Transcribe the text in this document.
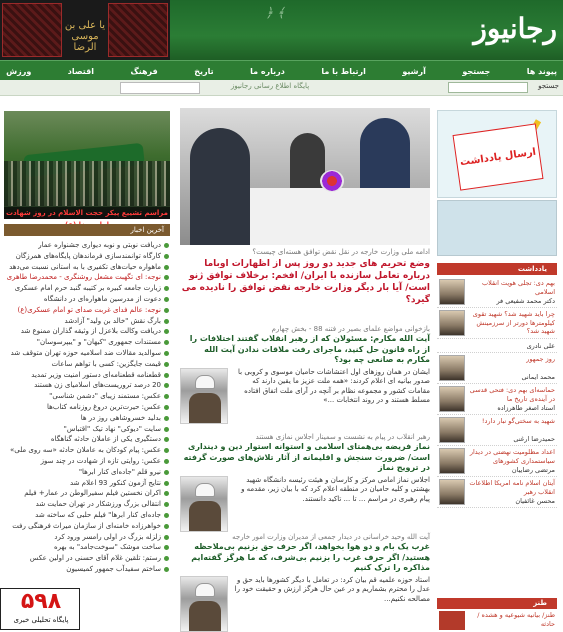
یا علی بن موسی الرضا
﴾ ﴿	رجانیوز
ورزش	اقتصاد	فرهنگ	تاریخ	درباره ما	ارتباط با ما	آرشیو	جستجو	پیوند ها
پایگاه اطلاع رسانی رجانیوز	جستجو
مراسم تشییع پیکر حجت الاسلام در روز شهادت
آخرین اخبار
دریافت نوبتی و نوبه دیواری جشنواره عمار
کارگاه توانمندسازی فرماندهان پایگاه‌های همرزگان
ماهواره حیات‌های تکفیری با به‌ استانی نسبت می‌دهد
نوجه: ای تگهبت مشعل روشنگری - محمدرضا طاهری
زیارت جامعه کبیره بر کتیبه گنبد حرم امام عسکری
دعوت از مدرسین ماهواره‌ای در دانشگاه
نوجه: عالم فدای غربت صدای تو امام عسکری(ع)
بارگ نقش "خالد بن ولید" آزادشد
دریافت وکالت بلاعزل از وثیقه گذاران ممنوع شد
مستندات جمهوری "کیهان" و "ییپرسوسان"
سوالدید مقالات ضد اسلامیه حوزه تهران متوقف شد
قیمت جایگزین: کسی با تواهم ساعات
قطعنامه قطعنامه‌ای دستور امنیت وزیر تمدید
20 درصد تروریست‌های اسلامیای زن هستند
عکس: مستمند زیبای "دشمن شناسی"
عکس: حیرت‌ترین دروغ روزنامه کتاب‌ها
بدلید خسروشاهی روز در ها
سایت "دیوکی" نهاد تیک "اقتباس"
دستگیری یکی از عاملان حادثه گناهگاه
عکس: پیام کودکان به عاملان حادثه «سه روی ملی»
عکس: روایتی تازه از شهادت در چند سوز
نیرو قلم "جاده‌ای کنار ابرها"
نتایج آزمون کنکور 93 اعلام شد
اکران نخستین فیلم سفیرالوطن در عمار+ فیلم
انتقالی بزرگ ورزشکار در تهران حمایت شد
جاده‌ای کنار ابرها" فیلم حلبی که ساخته شد
خواهرزاده خامنه‌ای از سازمان میراث فرهنگی رفت
زلزله بزرگ در اولی رامسر ورود کرد
ساخت موشک "سوخت‌جامد" به بهره
رستم: تلقین غلام آقای حسنی در اولین عکس
ساختم سفیدآب جمهور کمیسیون
ادامه ملی وزارت خارجه در نقل نقض توافق هسته‌ای چیست؟
وضع تحریم های جدید دو روز پس از اظهارات اوباما درباره تعامل سازنده با ایران/ افخم: برخلاف توافق ژنو است/ آیا بار دیگر وزارت خارجه نقض توافق را نادیده می گیرد؟
بازخوانی مواضع علمای بصیر در فتنه 88 - بخش چهارم
آیت الله مکارم: مسئولان که از رهبر انقلاب گفتند اختلافات را از راه قانون حل کنید، ماجرای رفت ملاقات ندادن آیت الله مکارم به صانعی چه بود؟
ایشان در همان روزهای اول اعتشاشات حامیان موسوی و کروبی با صدور بیانیه ای اعلام کردند: «همه ملت عزیز ما یقین دارند که مقامات کشور و مجموعه نظام بر آنچه در آرای ملت اتفاق افتاده مسلط هستند و در روند انتخابات ...»
رهبر انقلاب در پیام به نشست و سمینار اجلاس نمازی هستند
نماز فریضه بی‌همتای اسلامی و استوانه استوار دین و دینداری است/ ضرورت سنجش و اقلیمانه از آثار تلاش‌های صورت گرفته در ترویج نماز
اجلاس نماز امامی مرکز و کارسان و هیئت رئیسه دانشگاه شهید بهشتی و کلیه حامیان در منطقه اعلام کرد که با بیان زیر، مقدمه و پیام رهبری در مراسم ... تا ... تاکید دانستند.
آیت الله وحید خراسانی در دیدار جمعی از مدیران وزارت امور خارجه
غرب یک بام و دو هوا بخواهد، اگر حرف حق بزنیم بی‌ملاحظه هستید/ اگر حرف غرب را بزنیم بی‌شرف، که ما هرگز گفته‌ایم مذاکره را ترک کنیم
استاد حوزه علمیه قم بیان کرد: در تعامل با دیگر کشورها باید حق و عدل را محترم بشماریم و در عین حال هرگز ارزش و حقیقت خود را مصالحه نکنیم...
ارسال یادداشت
یادداشت
بهم دی: تجلی هویت انقلاب اسلامی
دکتر محمد شفیعی فر
چرا باید شهید شد؟ شهید تقوی کیلومترها دورتر از سرزمینش شهید شد؟
علی نادری
روز جمهور
محمد ایمانی
حماسه‌ای بهم دی: فتحی قدسی در آینده‌ی تاریخ ما
استاد اصغر طاهرزاده
شهید به سختی‌گو نبار دارد!
حمیدرضا ارغنی
اعداد مظلومیت نهضتی در دیدار سیاستمداری کشورهای
مرتضی رضاییان
آیتان اسلام نامه امریکا اطلاعات انقلاب رهبر
محسن غائفیان
طنز
طنز/ بیانیه شیوعیه و هشده / حادثه
۵۹۸
پایگاه تحلیلی خبری
